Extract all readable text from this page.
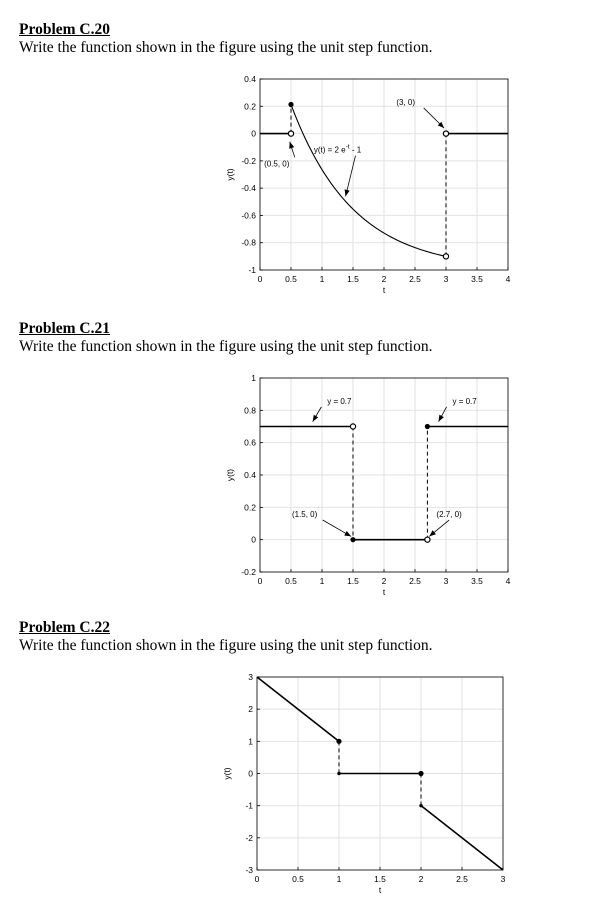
Problem C.20

Write the function shown in the figure using the unit step function.

0	0.5	1	1.5	2	2.5	3	3.5	4
0.4
0.2
0
-0.2
-0.4
-0.6
-0.8
-1
t
y(t)
(0.5, 0)
y(t) = 2 $e^{-t} - 1$
(3, 0)

Problem C.21

Write the function shown in the figure using the unit step function.

0	0.5	1	1.5	2	2.5	3	3.5	4
1
0.8
0.6
0.4
0.2
0
-0.2
t
y(t)
y = 0.7	y = 0.7
(1.5, 0)	(2.7, 0)

Problem C.22

Write the function shown in the figure using the unit step function.

0	0.5	1	1.5	2	2.5	3
3
2
1
0
-1
-2
-3
t
y(t)
